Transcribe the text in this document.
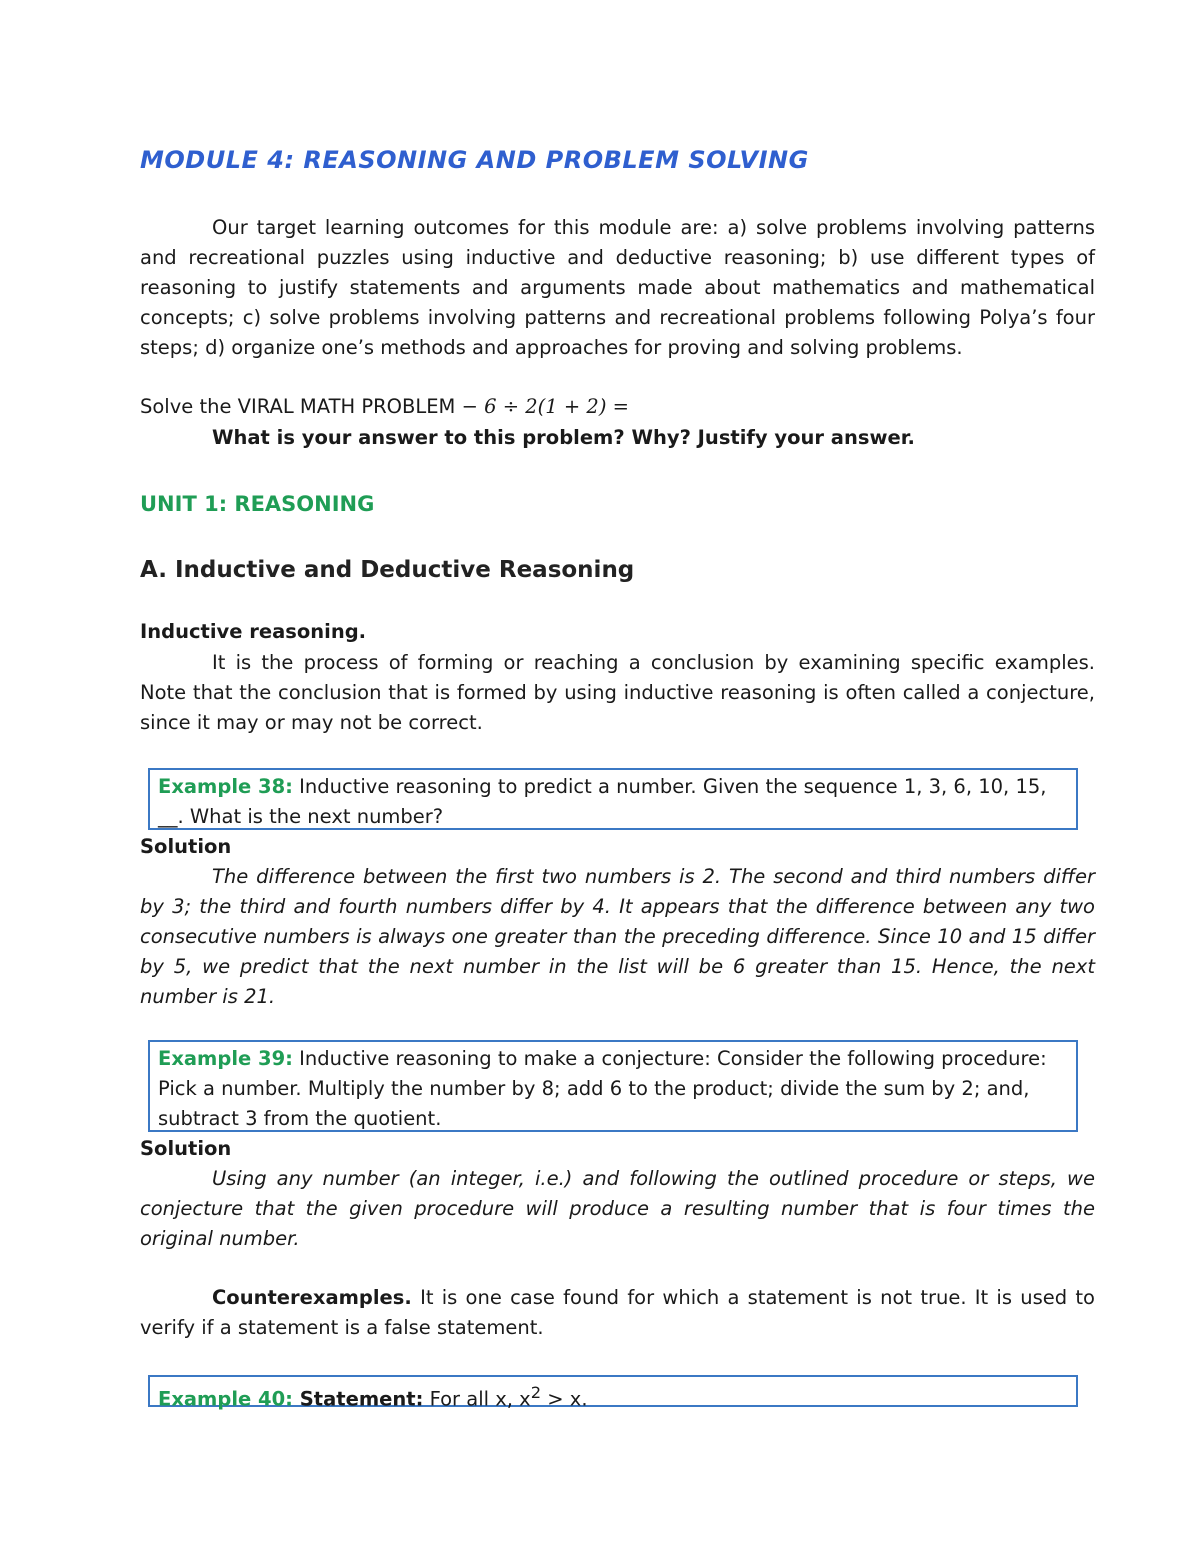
MODULE 4: REASONING AND PROBLEM SOLVING

Our target learning outcomes for this module are: a) solve problems involving patterns and recreational puzzles using inductive and deductive reasoning; b) use different types of reasoning to justify statements and arguments made about mathematics and mathematical concepts; c) solve problems involving patterns and recreational problems following Polya’s four steps; d) organize one’s methods and approaches for proving and solving problems.

Solve the VIRAL MATH PROBLEM − 6 ÷ 2(1 + 2) =
What is your answer to this problem? Why? Justify your answer.
UNIT 1: REASONING
A. Inductive and Deductive Reasoning
Inductive reasoning.

It is the process of forming or reaching a conclusion by examining specific examples. Note that the conclusion that is formed by using inductive reasoning is often called a conjecture, since it may or may not be correct.

Example 38: Inductive reasoning to predict a number. Given the sequence 1, 3, 6, 10, 15, __. What is the next number?
Solution

The difference between the first two numbers is 2. The second and third numbers differ by 3; the third and fourth numbers differ by 4. It appears that the difference between any two consecutive numbers is always one greater than the preceding difference. Since 10 and 15 differ by 5, we predict that the next number in the list will be 6 greater than 15. Hence, the next number is 21.

Example 39: Inductive reasoning to make a conjecture: Consider the following procedure: Pick a number. Multiply the number by 8; add 6 to the product; divide the sum by 2; and, subtract 3 from the quotient.
Solution

Using any number (an integer, i.e.) and following the outlined procedure or steps, we conjecture that the given procedure will produce a resulting number that is four times the original number.

Counterexamples. It is one case found for which a statement is not true. It is used to verify if a statement is a false statement.

Example 40: Statement: For all x, $x^2 > x$.
